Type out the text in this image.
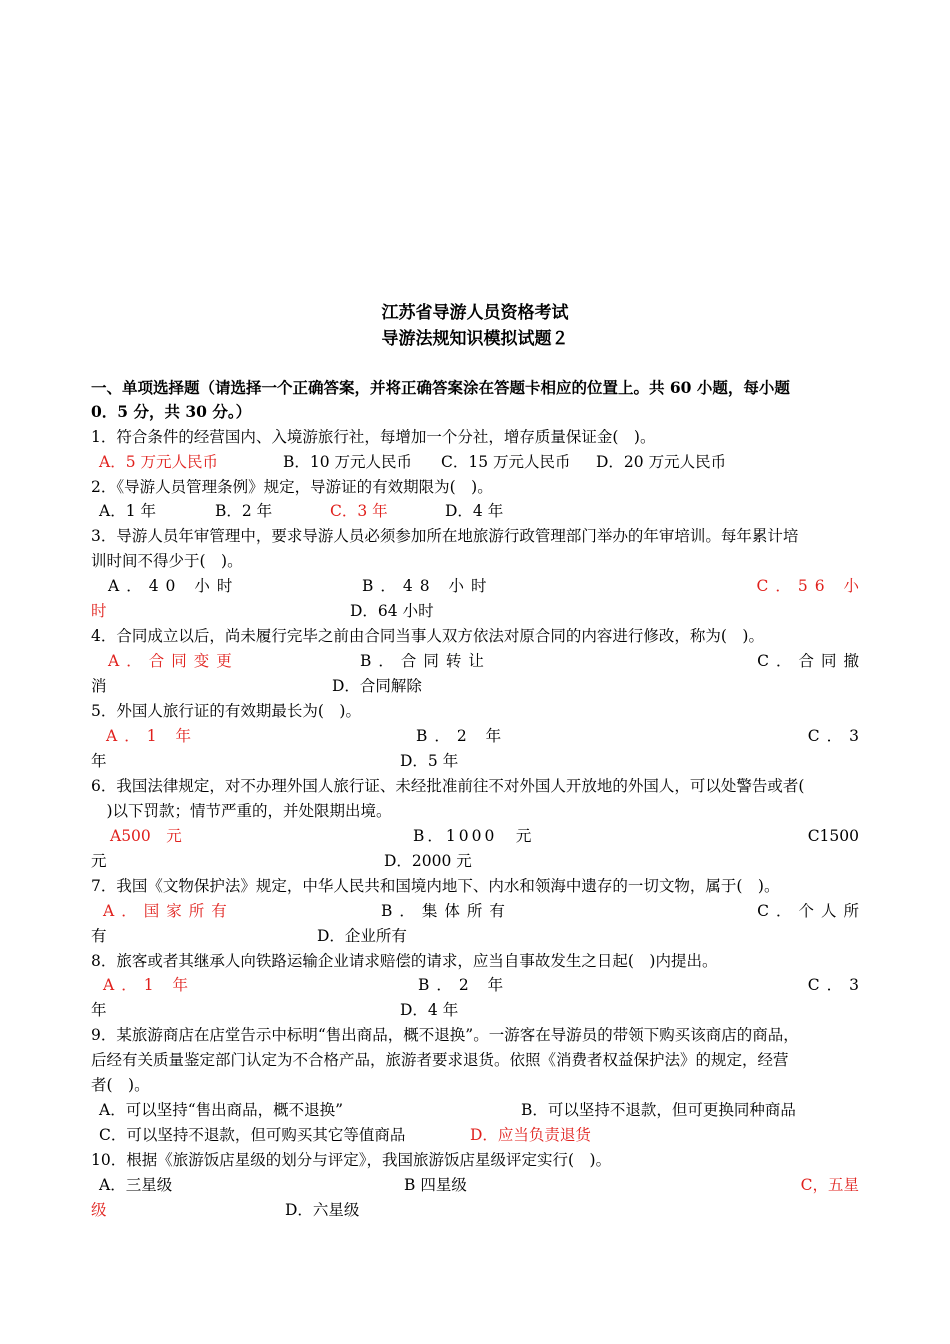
江苏省导游人员资格考试
导游法规知识模拟试题２
一、单项选择题（请选择一个正确答案，并将正确答案涂在答题卡相应的位置上。共 60 小题，每小题
0．5 分，共 30 分。）
1．符合条件的经营国内、入境游旅行社，每增加一个分社，增存质量保证金(　)。
A．5 万元人民币	B．10 万元人民币 C．15 万元人民币 D．20 万元人民币
2．《导游人员管理条例》规定，导游证的有效期限为(　)。
A．1 年	B．2 年	C．3 年	D．4 年
3．导游人员年审管理中，要求导游人员必须参加所在地旅游行政管理部门举办的年审培训。每年累计培
训时间不得少于(　)。
A．40 小时	B．48 小时	C．56 小
时	D．64 小时
4．合同成立以后，尚未履行完毕之前由合同当事人双方依法对原合同的内容进行修改，称为(　)。
A．合同变更	B．合同转让	C．合同撤
消	D．合同解除
5．外国人旅行证的有效期最长为(　)。
A．1 年	B．2 年	C．3
年	D．5 年
6．我国法律规定，对不办理外国人旅行证、未经批准前往不对外国人开放地的外国人，可以处警告或者(
　)以下罚款；情节严重的，并处限期出境。
A500　元	B．1000　元	C1500
元	D．2000 元
7．我国《文物保护法》规定，中华人民共和国境内地下、内水和领海中遗存的一切文物，属于(　)。
A．国家所有	B．集体所有	C．个人所
有	D．企业所有
8．旅客或者其继承人向铁路运输企业请求赔偿的请求，应当自事故发生之日起(　)内提出。
A．1 年	B．2 年	C．3
年	D．4 年
9．某旅游商店在店堂告示中标明“售出商品，概不退换”。一游客在导游员的带领下购买该商店的商品，
后经有关质量鉴定部门认定为不合格产品，旅游者要求退货。依照《消费者权益保护法》的规定，经营
者(　)。
A．可以坚持“售出商品，概不退换”	B．可以坚持不退款，但可更换同种商品
C．可以坚持不退款，但可购买其它等值商品	D．应当负责退货
10．根据《旅游饭店星级的划分与评定》，我国旅游饭店星级评定实行(　)。
A．三星级	B 四星级	C，五星
级	D．六星级
